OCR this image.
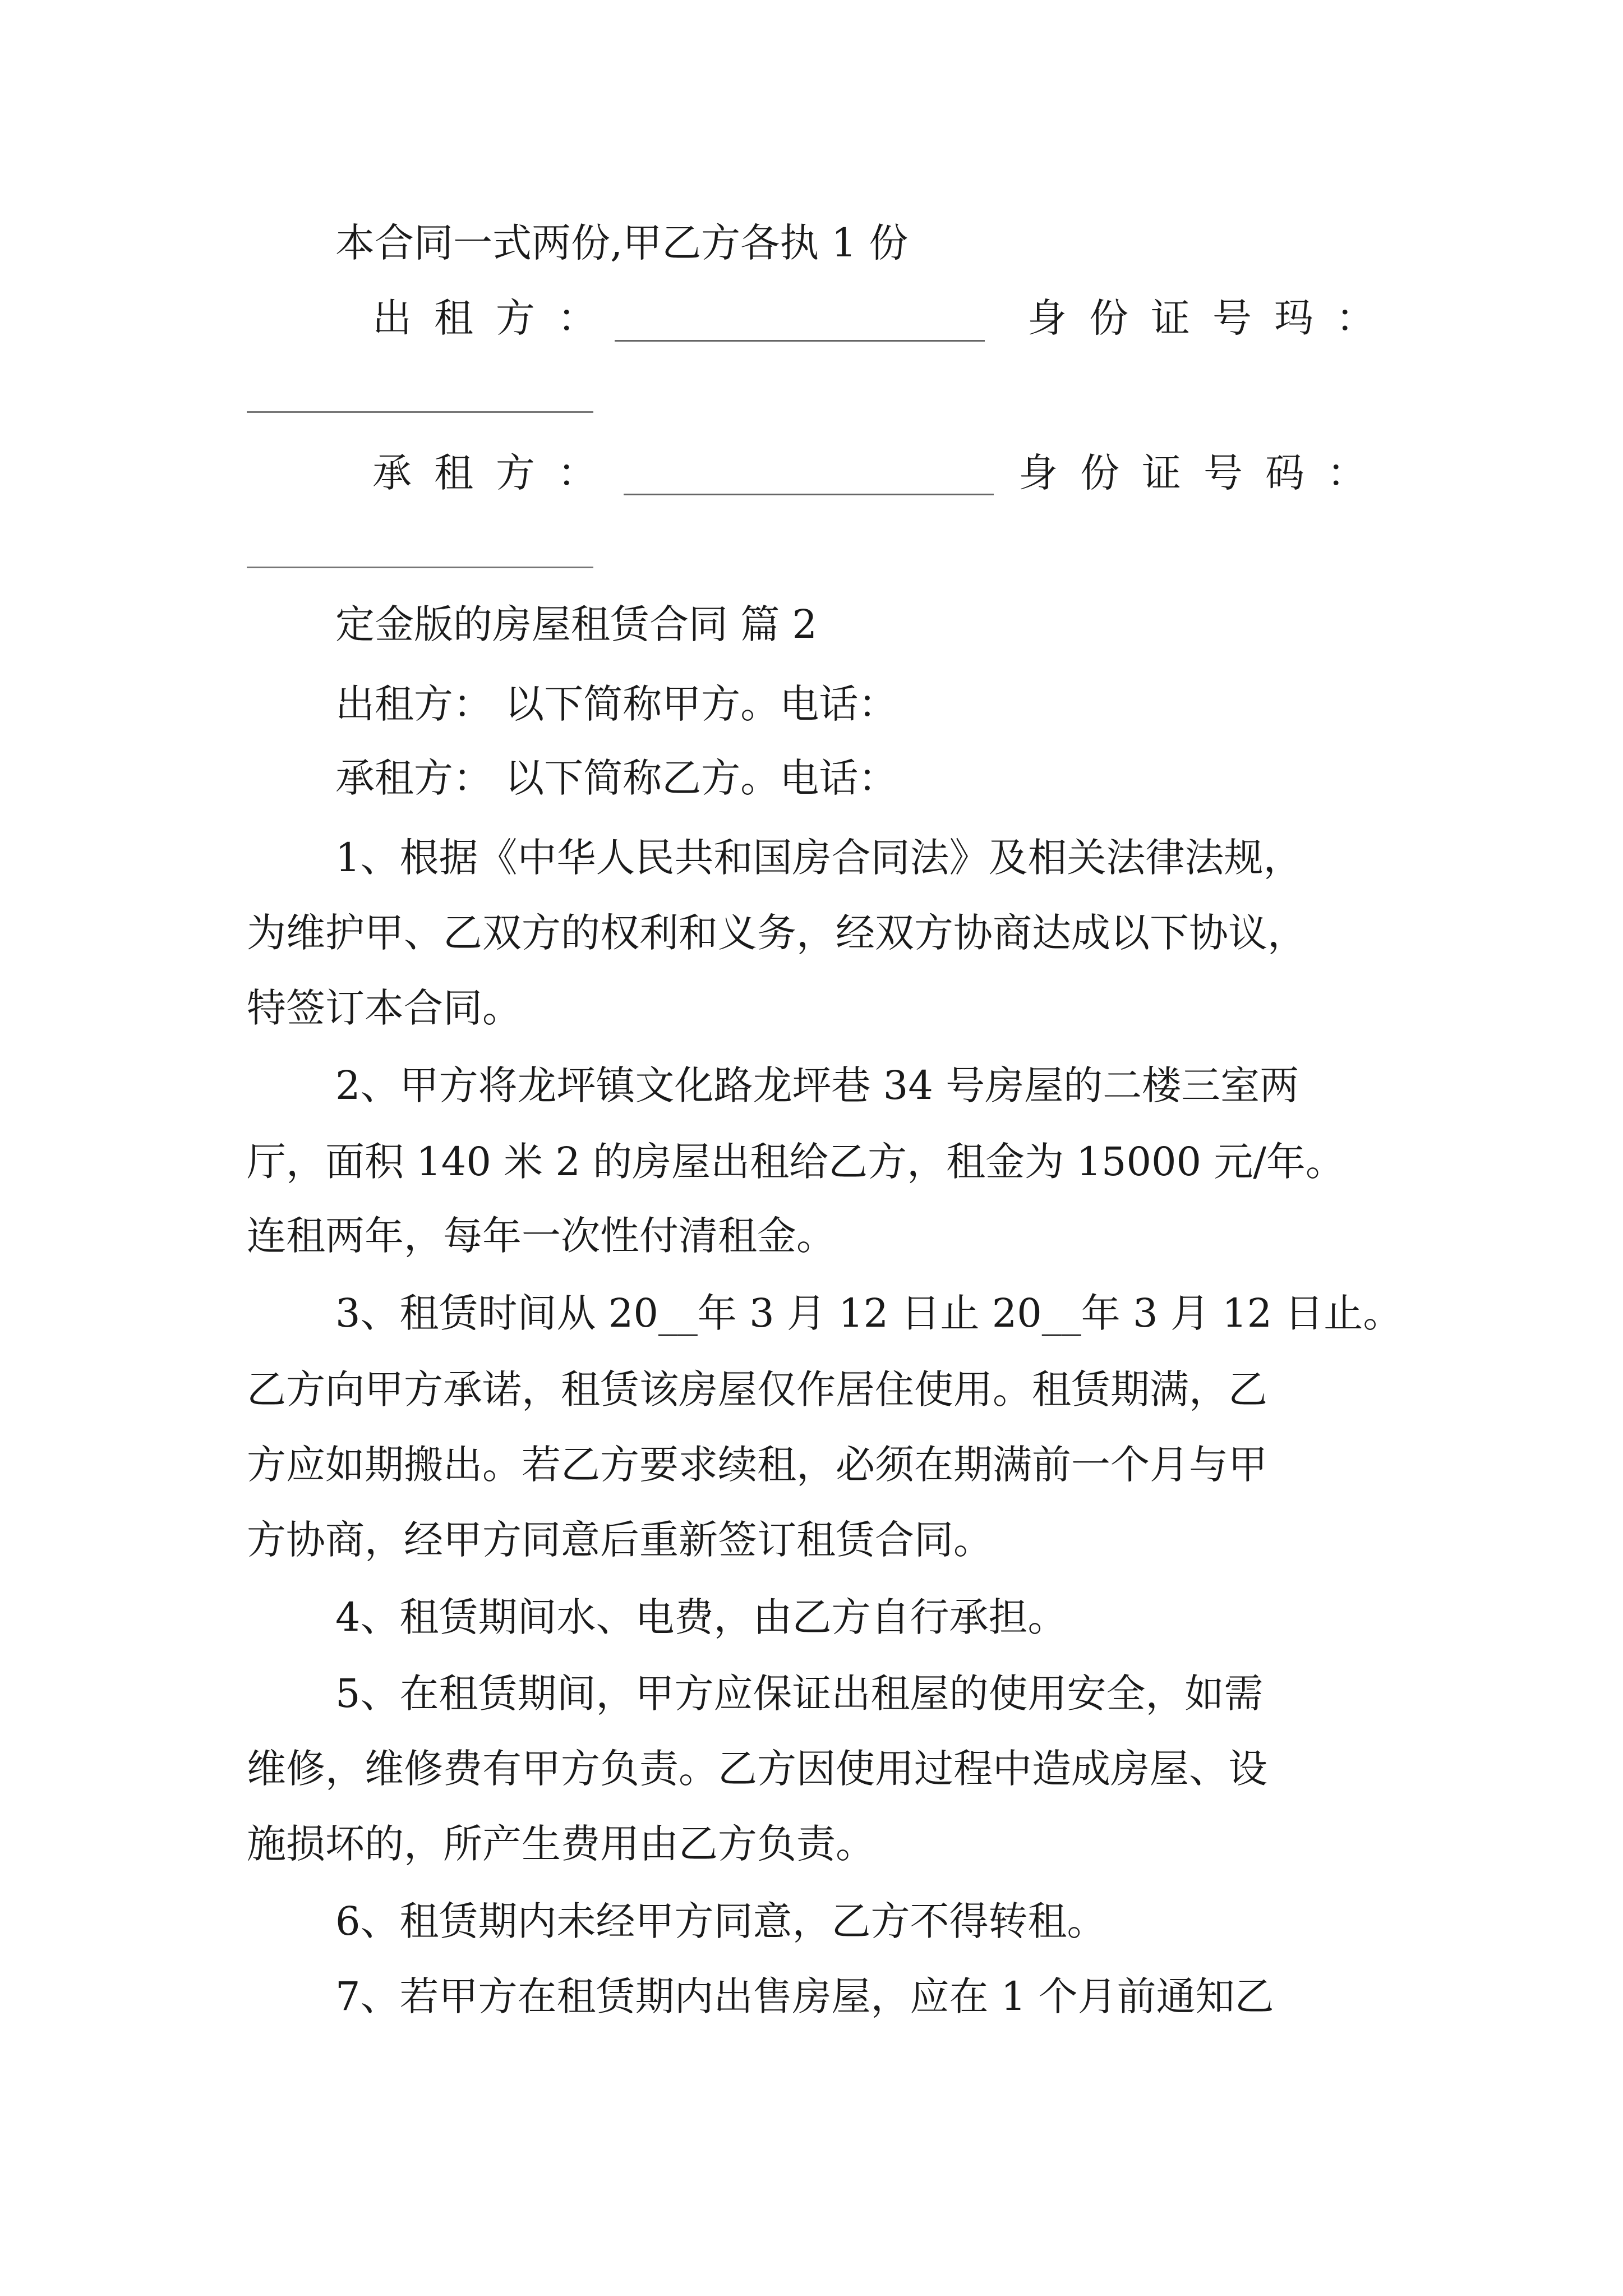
本合同一式两份,甲乙方各执 1 份
出租方：	身份证号玛：
承租方：	身份证号码：
定金版的房屋租赁合同 篇 2
出租方： 以下简称甲方。电话：
承租方： 以下简称乙方。电话：
1、根据《中华人民共和国房合同法》及相关法律法规，
为维护甲、乙双方的权利和义务，经双方协商达成以下协议，
特签订本合同。
2、甲方将龙坪镇文化路龙坪巷 34 号房屋的二楼三室两
厅，面积 140 米 2 的房屋出租给乙方，租金为 15000 元/年。
连租两年，每年一次性付清租金。
3、租赁时间从 20__年 3 月 12 日止 20__年 3 月 12 日止。
乙方向甲方承诺，租赁该房屋仅作居住使用。租赁期满，乙
方应如期搬出。若乙方要求续租，必须在期满前一个月与甲
方协商，经甲方同意后重新签订租赁合同。
4、租赁期间水、电费，由乙方自行承担。
5、在租赁期间，甲方应保证出租屋的使用安全，如需
维修，维修费有甲方负责。乙方因使用过程中造成房屋、设
施损坏的，所产生费用由乙方负责。
6、租赁期内未经甲方同意，乙方不得转租。
7、若甲方在租赁期内出售房屋，应在 1 个月前通知乙
